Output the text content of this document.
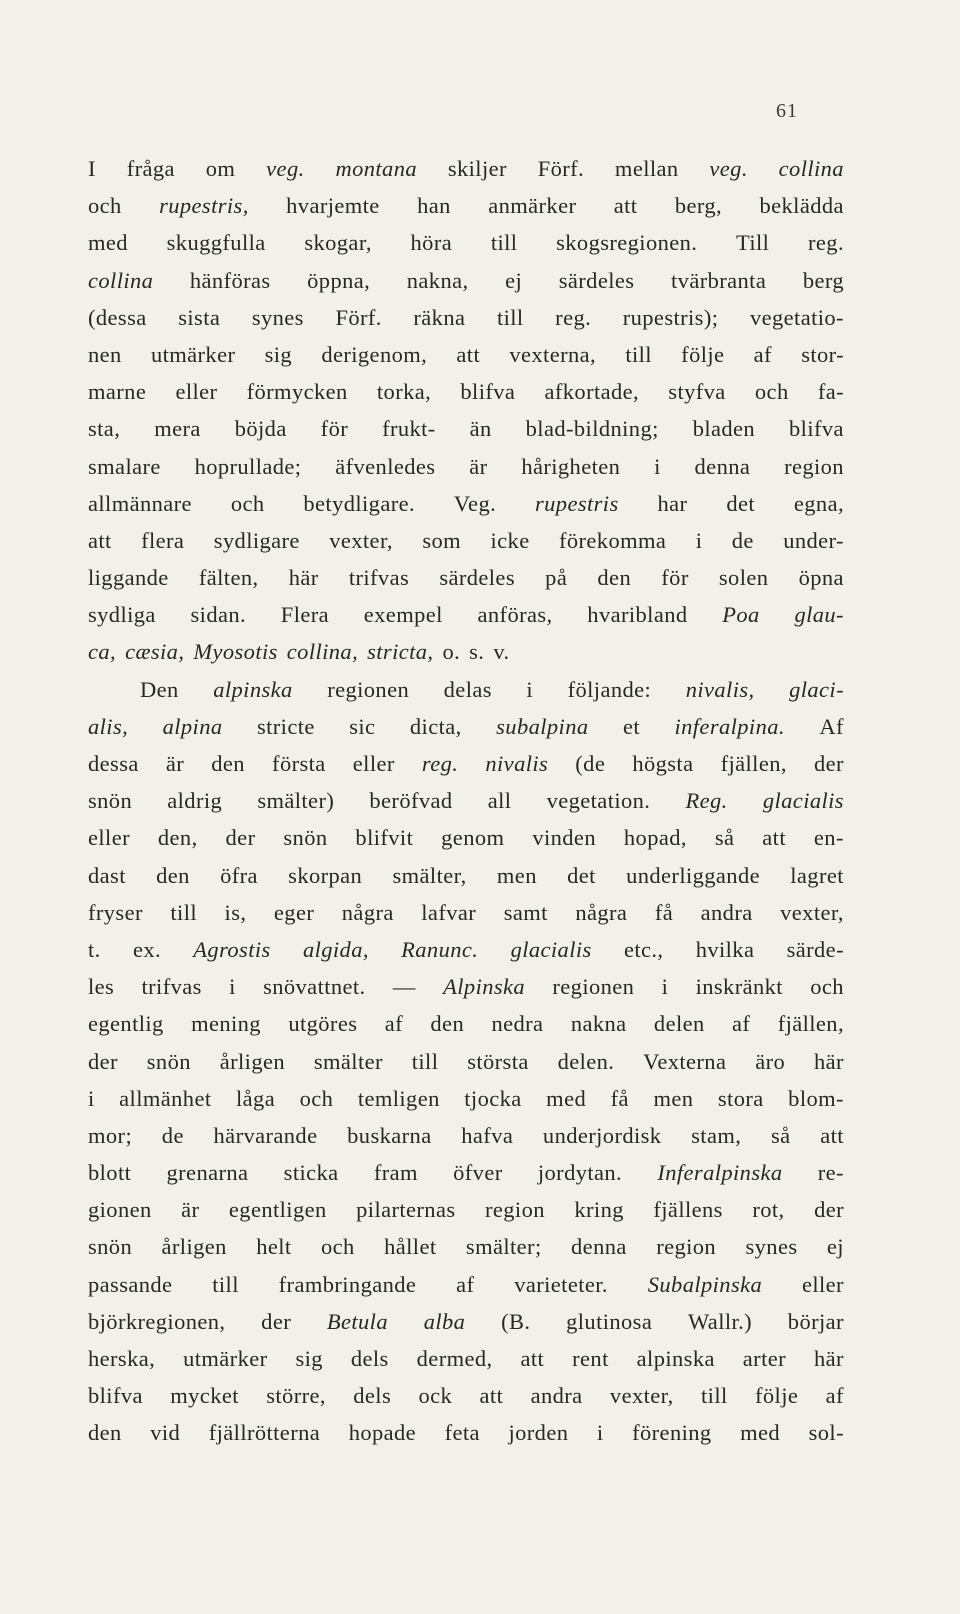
61
I fråga om veg. montana skiljer Förf. mellan veg. collina
och rupestris, hvarjemte han anmärker att berg, beklädda
med skuggfulla skogar, höra till skogsregionen. Till reg.
collina hänföras öppna, nakna, ej särdeles tvärbranta berg
(dessa sista synes Förf. räkna till reg. rupestris); vegetatio-
nen utmärker sig derigenom, att vexterna, till följe af stor-
marne eller förmycken torka, blifva afkortade, styfva och fa-
sta, mera böjda för frukt- än blad-bildning; bladen blifva
smalare hoprullade; äfvenledes är hårigheten i denna region
allmännare och betydligare. Veg. rupestris har det egna,
att flera sydligare vexter, som icke förekomma i de under-
liggande fälten, här trifvas särdeles på den för solen öpna
sydliga sidan. Flera exempel anföras, hvaribland Poa glau-
ca, cæsia, Myosotis collina, stricta, o. s. v.
Den alpinska regionen delas i följande: nivalis, glaci-
alis, alpina stricte sic dicta, subalpina et inferalpina. Af
dessa är den första eller reg. nivalis (de högsta fjällen, der
snön aldrig smälter) beröfvad all vegetation. Reg. glacialis
eller den, der snön blifvit genom vinden hopad, så att en-
dast den öfra skorpan smälter, men det underliggande lagret
fryser till is, eger några lafvar samt några få andra vexter,
t. ex. Agrostis algida, Ranunc. glacialis etc., hvilka särde-
les trifvas i snövattnet. — Alpinska regionen i inskränkt och
egentlig mening utgöres af den nedra nakna delen af fjällen,
der snön årligen smälter till största delen. Vexterna äro här
i allmänhet låga och temligen tjocka med få men stora blom-
mor; de härvarande buskarna hafva underjordisk stam, så att
blott grenarna sticka fram öfver jordytan. Inferalpinska re-
gionen är egentligen pilarternas region kring fjällens rot, der
snön årligen helt och hållet smälter; denna region synes ej
passande till frambringande af varieteter. Subalpinska eller
björkregionen, der Betula alba (B. glutinosa Wallr.) börjar
herska, utmärker sig dels dermed, att rent alpinska arter här
blifva mycket större, dels ock att andra vexter, till följe af
den vid fjällrötterna hopade feta jorden i förening med sol-
